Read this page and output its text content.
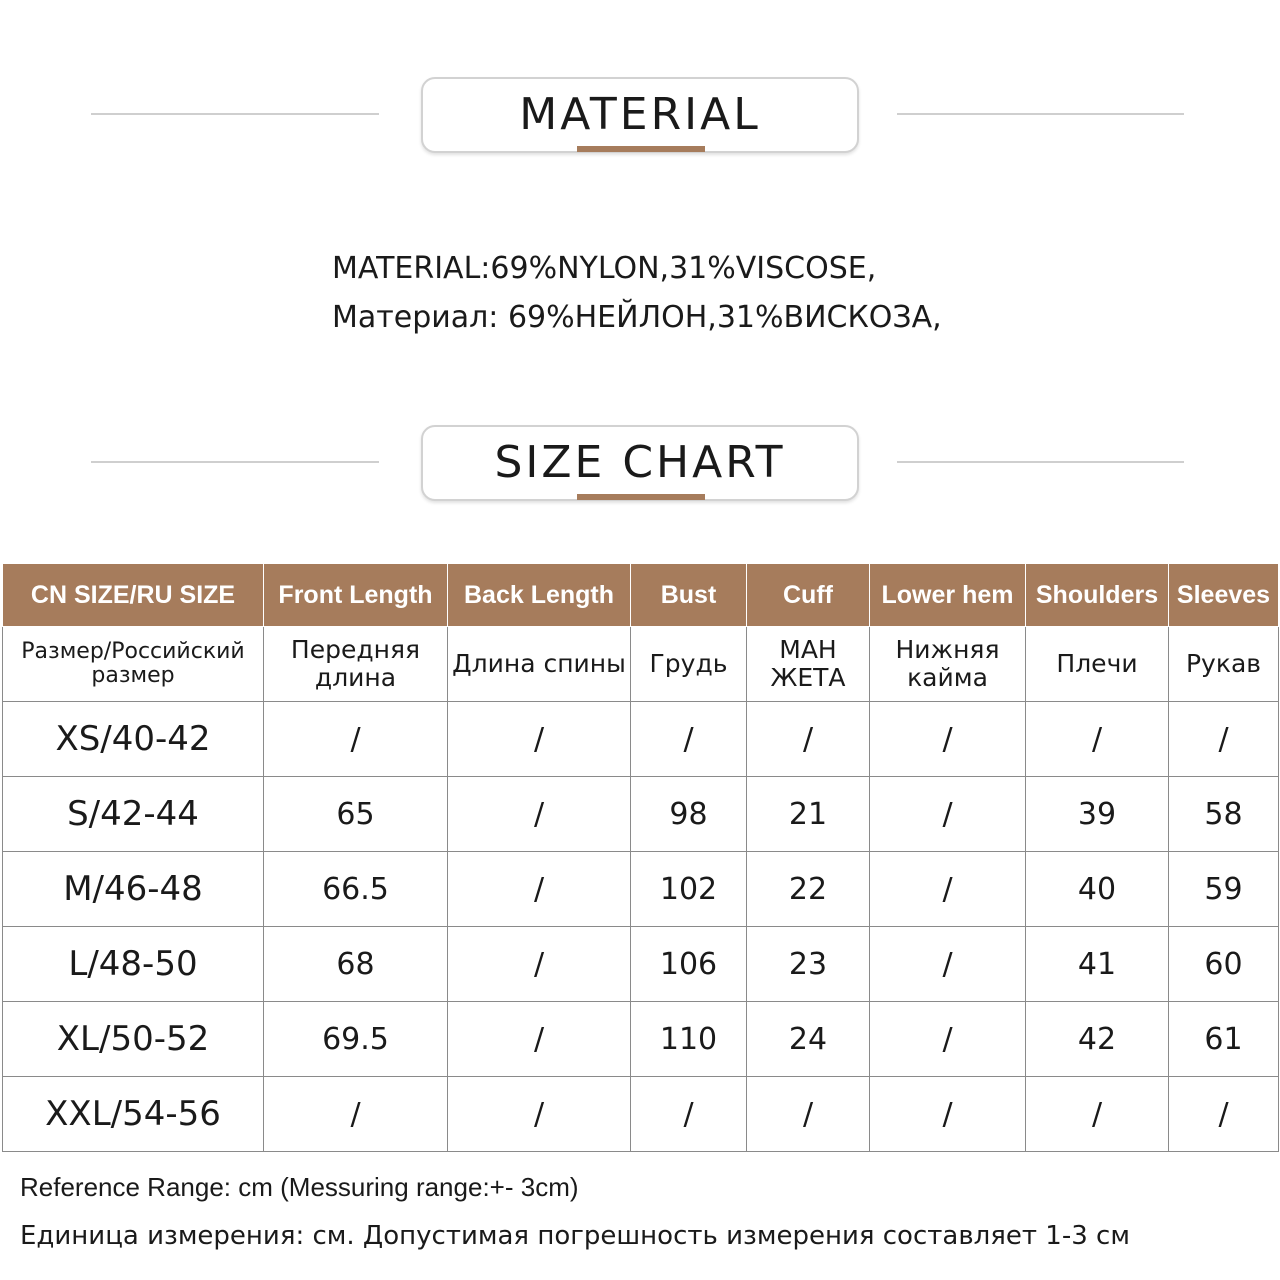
MATERIAL
MATERIAL:69%NYLON,31%VISCOSE,
Материал: 69%НЕЙЛОН,31%ВИСКОЗА,
SIZE CHART
CN SIZE/RU SIZE	Front Length	Back Length	Bust	Cuff	Lower hem	Shoulders	Sleeves
Размер/Российский размер	Передняя длина	Длина спины	Грудь	МАН ЖЕТА	Нижняя кайма	Плечи	Рукав
XS/40-42	/	/	/	/	/	/	/
S/42-44	65	/	98	21	/	39	58
M/46-48	66.5	/	102	22	/	40	59
L/48-50	68	/	106	23	/	41	60
XL/50-52	69.5	/	110	24	/	42	61
XXL/54-56	/	/	/	/	/	/	/
Reference Range: cm (Messuring range:+- 3cm)
Единица измерения: см. Допустимая погрешность измерения составляет 1-3 см
